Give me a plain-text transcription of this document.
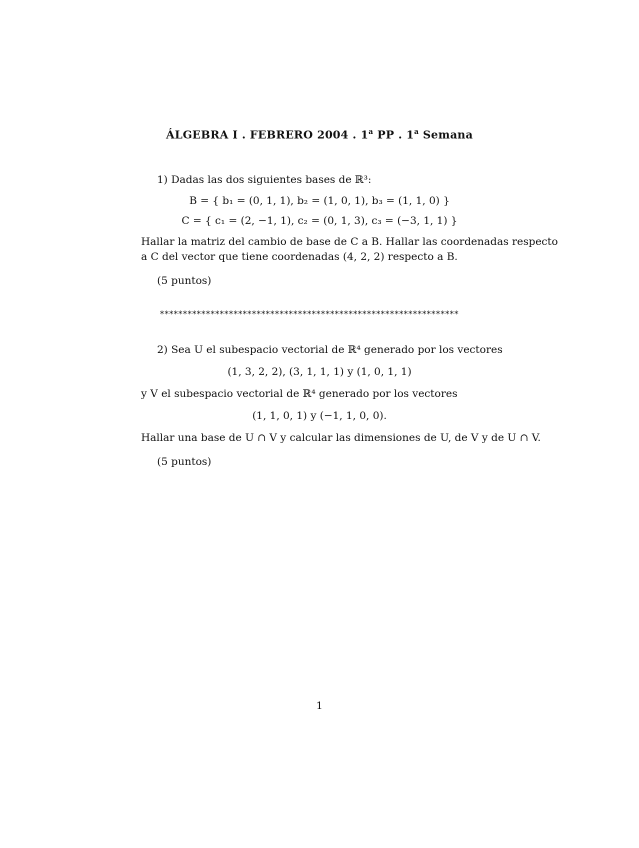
ÁLGEBRA I . FEBRERO 2004 . 1$^a$ PP . 1$^a$ Semana
1) Dadas las dos siguientes bases de ℝ³:
B = { b₁ = (0, 1, 1), b₂ = (1, 0, 1), b₃ = (1, 1, 0) }
C = { c₁ = (2, −1, 1), c₂ = (0, 1, 3), c₃ = (−3, 1, 1) }
Hallar la matriz del cambio de base de C a B. Hallar las coordenadas respecto
a C del vector que tiene coordenadas (4, 2, 2) respecto a B.
(5 puntos)
*****************************************************************
2) Sea U el subespacio vectorial de ℝ⁴ generado por los vectores
(1, 3, 2, 2), (3, 1, 1, 1) y (1, 0, 1, 1)
y V el subespacio vectorial de ℝ⁴ generado por los vectores
(1, 1, 0, 1) y (−1, 1, 0, 0).
Hallar una base de U ∩ V y calcular las dimensiones de U, de V y de U ∩ V.
(5 puntos)
1
